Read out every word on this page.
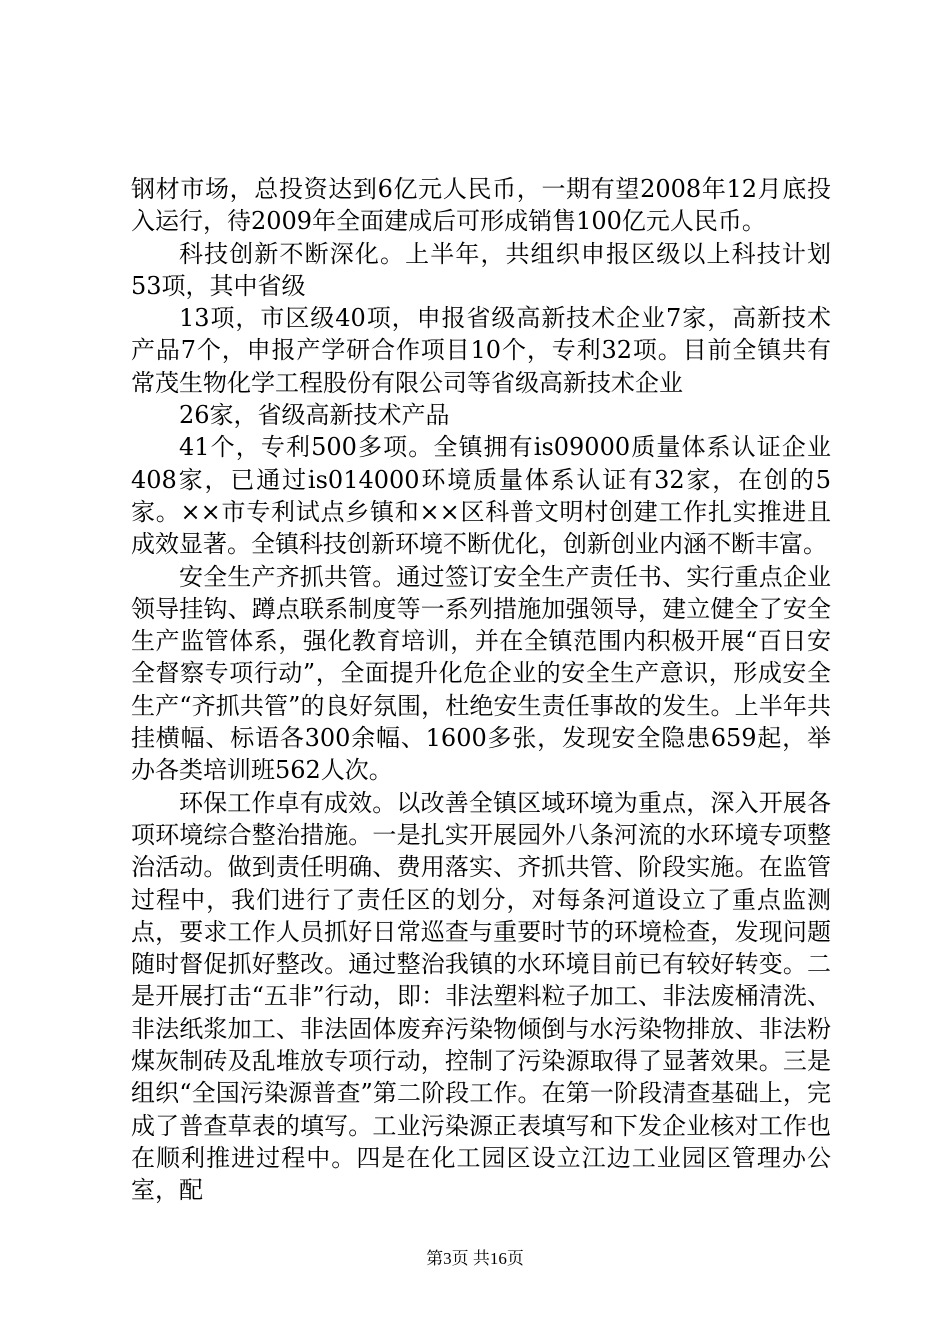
钢材市场，总投资达到6亿元人民币，一期有望2008年12月底投入运行，待2009年全面建成后可形成销售100亿元人民币。

科技创新不断深化。上半年，共组织申报区级以上科技计划53项，其中省级

13项，市区级40项，申报省级高新技术企业7家，高新技术产品7个，申报产学研合作项目10个，专利32项。目前全镇共有常茂生物化学工程股份有限公司等省级高新技术企业

26家，省级高新技术产品

41个，专利500多项。全镇拥有is09000质量体系认证企业408家，已通过is014000环境质量体系认证有32家，在创的5家。××市专利试点乡镇和××区科普文明村创建工作扎实推进且成效显著。全镇科技创新环境不断优化，创新创业内涵不断丰富。

安全生产齐抓共管。通过签订安全生产责任书、实行重点企业领导挂钩、蹲点联系制度等一系列措施加强领导，建立健全了安全生产监管体系，强化教育培训，并在全镇范围内积极开展“百日安全督察专项行动”，全面提升化危企业的安全生产意识，形成安全生产“齐抓共管”的良好氛围，杜绝安生责任事故的发生。上半年共挂横幅、标语各300余幅、1600多张，发现安全隐患659起，举办各类培训班562人次。

环保工作卓有成效。以改善全镇区域环境为重点，深入开展各项环境综合整治措施。一是扎实开展园外八条河流的水环境专项整治活动。做到责任明确、费用落实、齐抓共管、阶段实施。在监管过程中，我们进行了责任区的划分，对每条河道设立了重点监测点，要求工作人员抓好日常巡查与重要时节的环境检查，发现问题随时督促抓好整改。通过整治我镇的水环境目前已有较好转变。二是开展打击“五非”行动，即：非法塑料粒子加工、非法废桶清洗、非法纸浆加工、非法固体废弃污染物倾倒与水污染物排放、非法粉煤灰制砖及乱堆放专项行动，控制了污染源取得了显著效果。三是组织“全国污染源普查”第二阶段工作。在第一阶段清查基础上，完成了普查草表的填写。工业污染源正表填写和下发企业核对工作也在顺利推进过程中。四是在化工园区设立江边工业园区管理办公室，配

第3页 共16页
